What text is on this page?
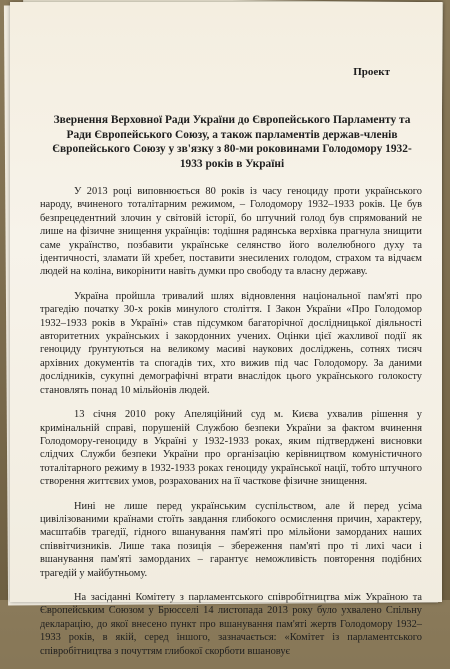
Проект
Звернення Верховної Ради України до Європейського Парламенту та Ради Європейського Союзу, а також парламентів держав-членів Європейського Союзу у зв'язку з 80-ми роковинами Голодомору 1932-1933 років в Україні

У 2013 році виповнюється 80 років із часу геноциду проти українського народу, вчиненого тоталітарним режимом, – Голодомору 1932–1933 років. Це був безпрецедентний злочин у світовій історії, бо штучний голод був спрямований не лише на фізичне знищення українців: тодішня радянська верхівка прагнула знищити саме українство, позбавити українське селянство його волелюбного духу та ідентичності, зламати їй хребет, поставити знесилених голодом, страхом та відчаєм людей на коліна, викорінити навіть думки про свободу та власну державу.

Україна пройшла тривалий шлях відновлення національної пам'яті про трагедію початку 30-х років минулого століття. І Закон України «Про Голодомор 1932–1933 років в Україні» став підсумком багаторічної дослідницької діяльності авторитетних українських і закордонних учених. Оцінки цієї жахливої події як геноциду ґрунтуються на великому масиві наукових досліджень, сотнях тисяч архівних документів та спогадів тих, хто вижив під час Голодомору. За даними дослідників, сукупні демографічні втрати внаслідок цього українського голокосту становлять понад 10 мільйонів людей.

13 січня 2010 року Апеляційний суд м. Києва ухвалив рішення у кримінальній справі, порушеній Службою безпеки України за фактом вчинення Голодомору-геноциду в Україні у 1932-1933 роках, яким підтверджені висновки слідчих Служби безпеки України про організацію керівництвом комуністичного тоталітарного режиму в 1932-1933 роках геноциду української нації, тобто штучного створення життєвих умов, розрахованих на її часткове фізичне знищення.

Нині не лише перед українським суспільством, але й перед усіма цивілізованими країнами стоїть завдання глибокого осмислення причин, характеру, масштабів трагедії, гідного вшанування пам'яті про мільйони заморданих наших співвітчизників. Лише така позиція – збереження пам'яті про ті лихі часи і вшанування пам'яті заморданих – гарантує неможливість повторення подібних трагедій у майбутньому.

На засіданні Комітету з парламентського співробітництва між Україною та Європейським Союзом у Брюсселі 14 листопада 2013 року було ухвалено Спільну декларацію, до якої внесено пункт про вшанування пам'яті жертв Голодомору 1932–1933 років, в якій, серед іншого, зазначається: «Комітет із парламентського співробітництва з почуттям глибокої скорботи вшановує
